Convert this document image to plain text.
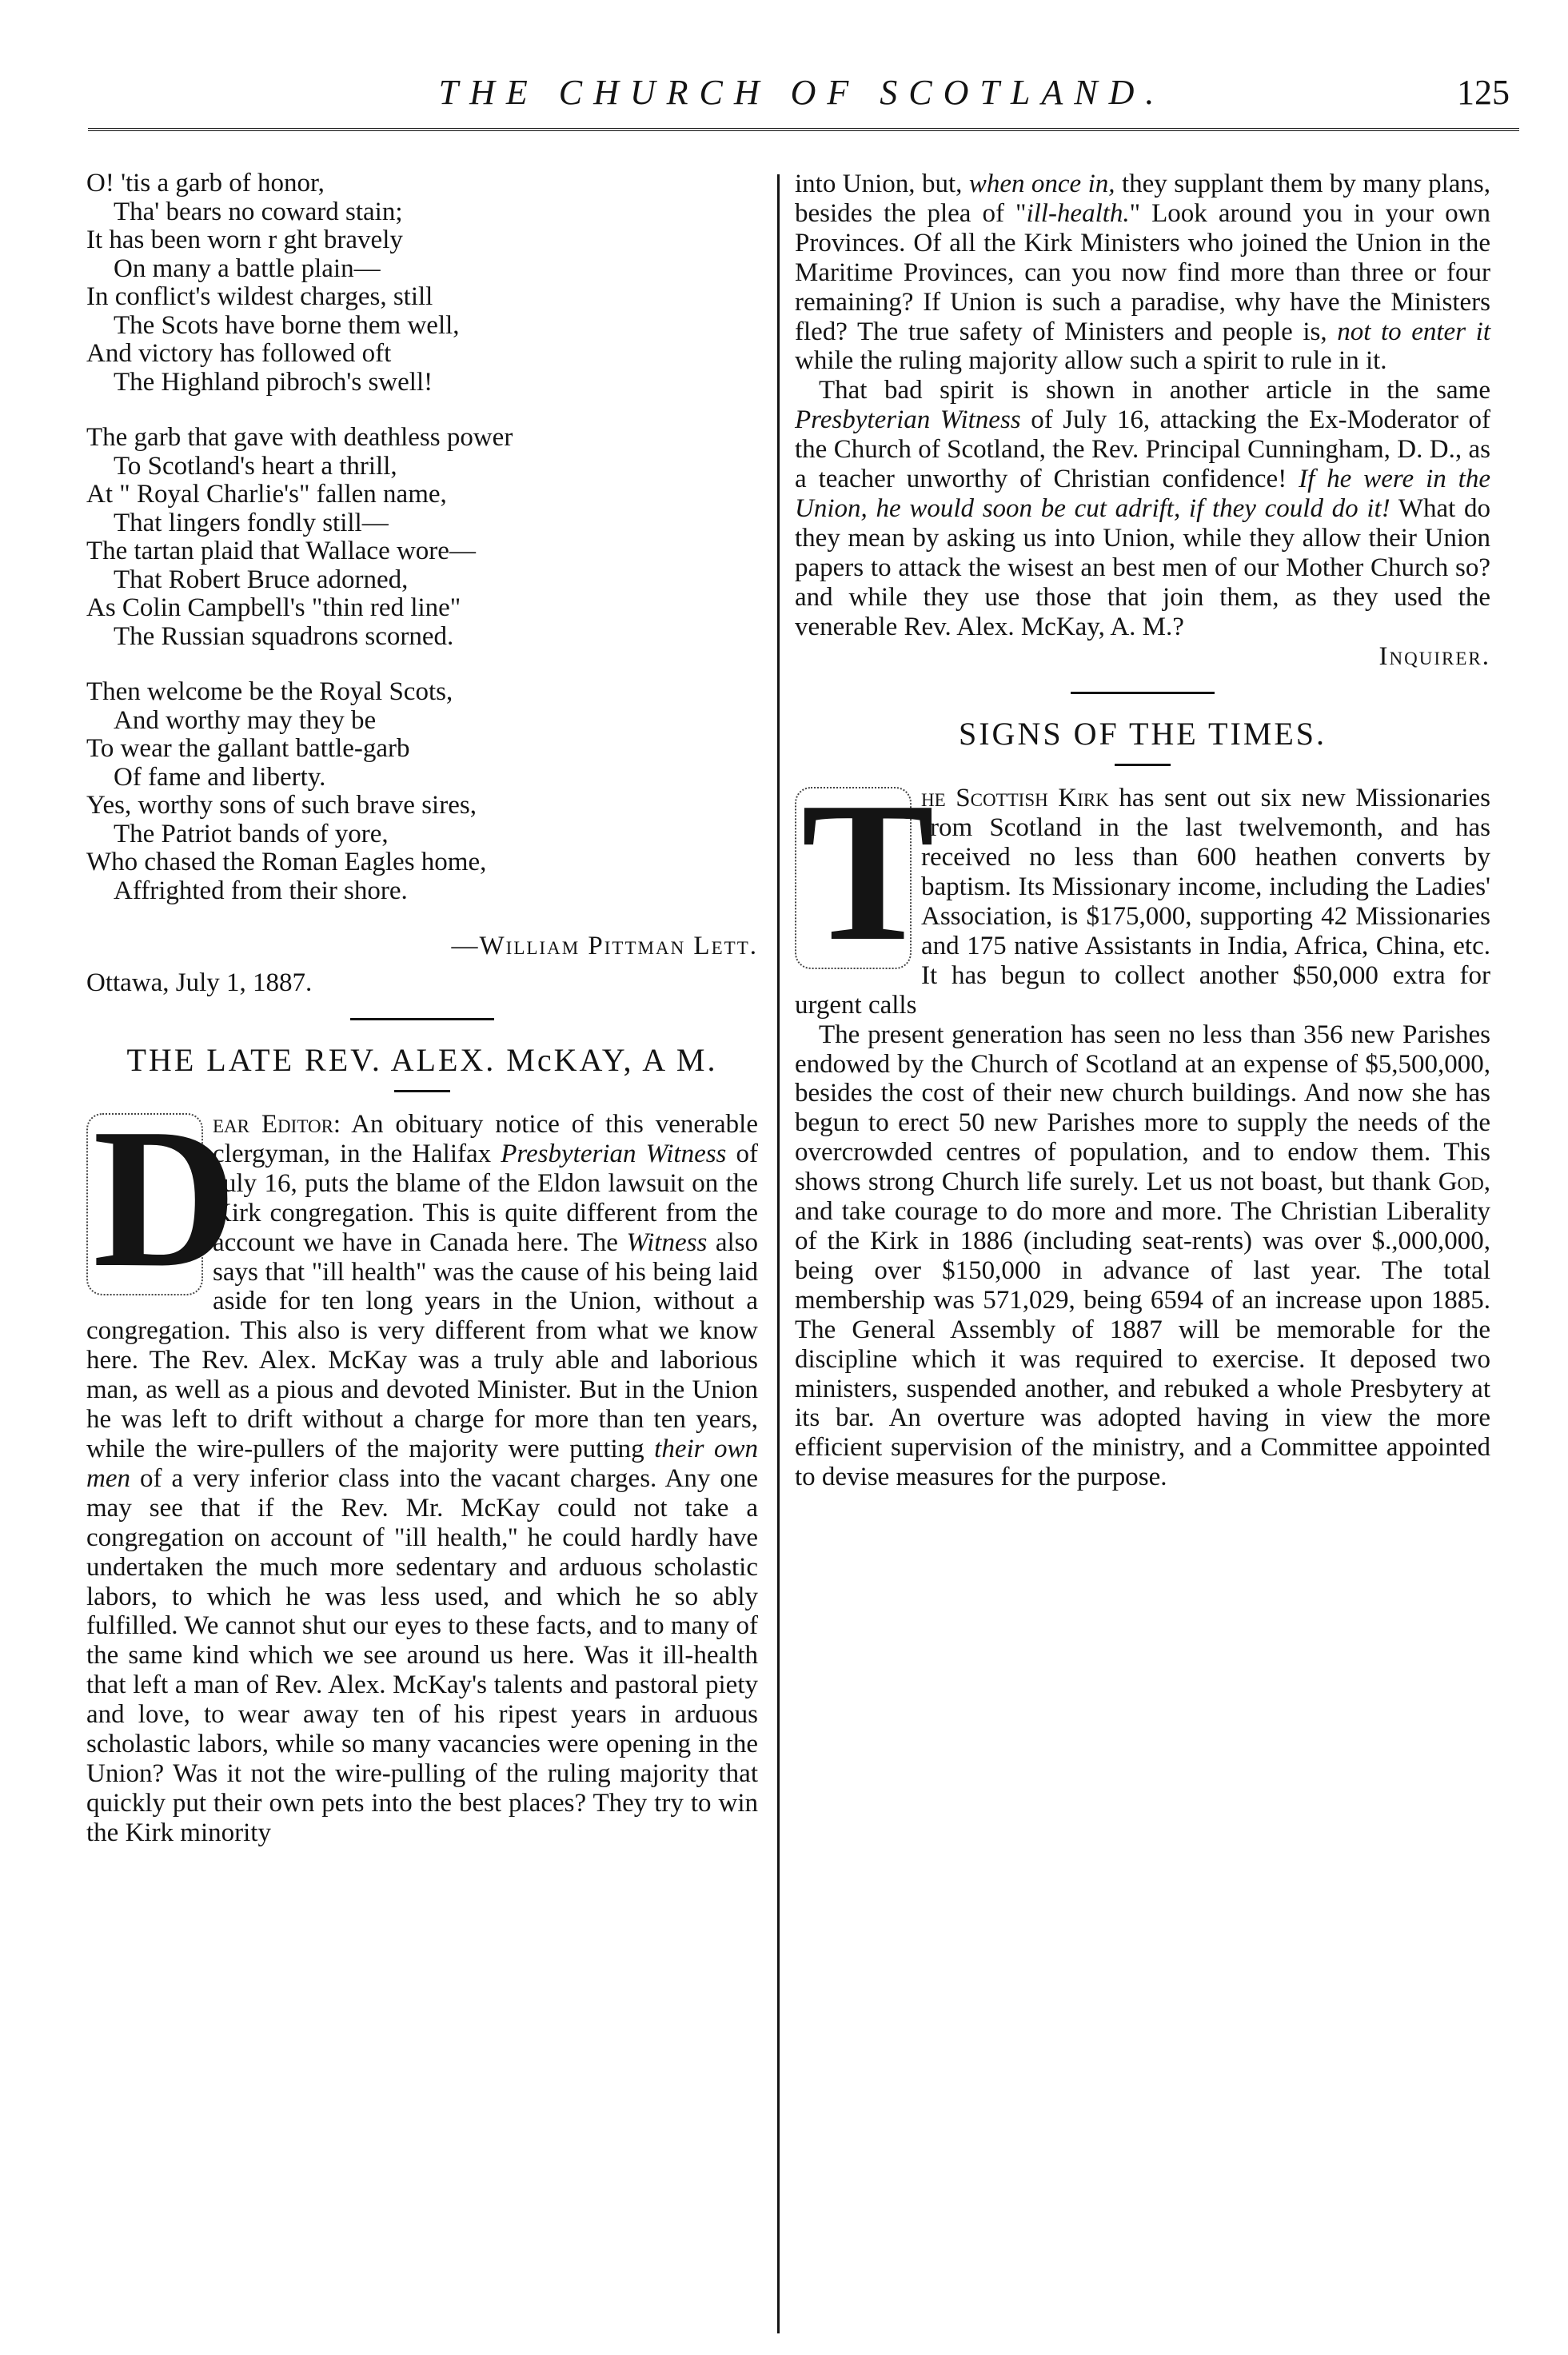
THE CHURCH OF SCOTLAND.	125
O! 'tis a garb of honor,
Tha' bears no coward stain;
It has been worn r ght bravely
On many a battle plain—
In conflict's wildest charges, still
The Scots have borne them well,
And victory has followed oft
The Highland pibroch's swell!
The garb that gave with deathless power
To Scotland's heart a thrill,
At " Royal Charlie's" fallen name,
That lingers fondly still—
The tartan plaid that Wallace wore—
That Robert Bruce adorned,
As Colin Campbell's "thin red line"
The Russian squadrons scorned.
Then welcome be the Royal Scots,
And worthy may they be
To wear the gallant battle-garb
Of fame and liberty.
Yes, worthy sons of such brave sires,
The Patriot bands of yore,
Who chased the Roman Eagles home,
Affrighted from their shore.
—William Pittman Lett.
Ottawa, July 1, 1887.
THE LATE REV. ALEX. McKAY, A M.

D
ear Editor: An obituary notice of this venerable clergyman, in the Halifax Presbyterian Witness of July 16, puts the blame of the Eldon lawsuit on the Kirk congregation. This is quite different from the account we have in Canada here. The Witness also says that "ill health" was the cause of his being laid aside for ten long years in the Union, without a congregation. This also is very different from what we know here. The Rev. Alex. McKay was a truly able and laborious man, as well as a pious and devoted Minister. But in the Union he was left to drift without a charge for more than ten years, while the wire-pullers of the majority were putting their own men of a very inferior class into the vacant charges. Any one may see that if the Rev. Mr. McKay could not take a congregation on account of "ill health,'' he could hardly have undertaken the much more sedentary and arduous scholastic labors, to which he was less used, and which he so ably fulfilled. We cannot shut our eyes to these facts, and to many of the same kind which we see around us here. Was it ill-health that left a man of Rev. Alex. McKay's talents and pastoral piety and love, to wear away ten of his ripest years in arduous scholastic labors, while so many vacancies were opening in the Union? Was it not the wire-pulling of the ruling majority that quickly put their own pets into the best places? They try to win the Kirk minority

into Union, but, when once in, they supplant them by many plans, besides the plea of "ill-health." Look around you in your own Provinces. Of all the Kirk Ministers who joined the Union in the Maritime Provinces, can you now find more than three or four remaining? If Union is such a paradise, why have the Ministers fled? The true safety of Ministers and people is, not to enter it while the ruling majority allow such a spirit to rule in it.

That bad spirit is shown in another article in the same Presbyterian Witness of July 16, attacking the Ex-Moderator of the Church of Scotland, the Rev. Principal Cunningham, D. D., as a teacher unworthy of Christian confidence! If he were in the Union, he would soon be cut adrift, if they could do it! What do they mean by asking us into Union, while they allow their Union papers to attack the wisest an best men of our Mother Church so? and while they use those that join them, as they used the venerable Rev. Alex. McKay, A. M.?

Inquirer.
SIGNS OF THE TIMES.

T
he Scottish Kirk has sent out six new Missionaries from Scotland in the last twelvemonth, and has received no less than 600 heathen converts by baptism. Its Missionary income, including the Ladies' Association, is $175,000, supporting 42 Missionaries and 175 native Assistants in India, Africa, China, etc. It has begun to collect another $50,000 extra for urgent calls

The present generation has seen no less than 356 new Parishes endowed by the Church of Scotland at an expense of $5,500,000, besides the cost of their new church buildings. And now she has begun to erect 50 new Parishes more to supply the needs of the overcrowded centres of population, and to endow them. This shows strong Church life surely. Let us not boast, but thank God, and take courage to do more and more. The Christian Liberality of the Kirk in 1886 (including seat-rents) was over $.,000,000, being over $150,000 in advance of last year. The total membership was 571,029, being 6594 of an increase upon 1885. The General Assembly of 1887 will be memorable for the discipline which it was required to exercise. It deposed two ministers, suspended another, and rebuked a whole Presbytery at its bar. An overture was adopted having in view the more efficient supervision of the ministry, and a Committee appointed to devise measures for the purpose.
